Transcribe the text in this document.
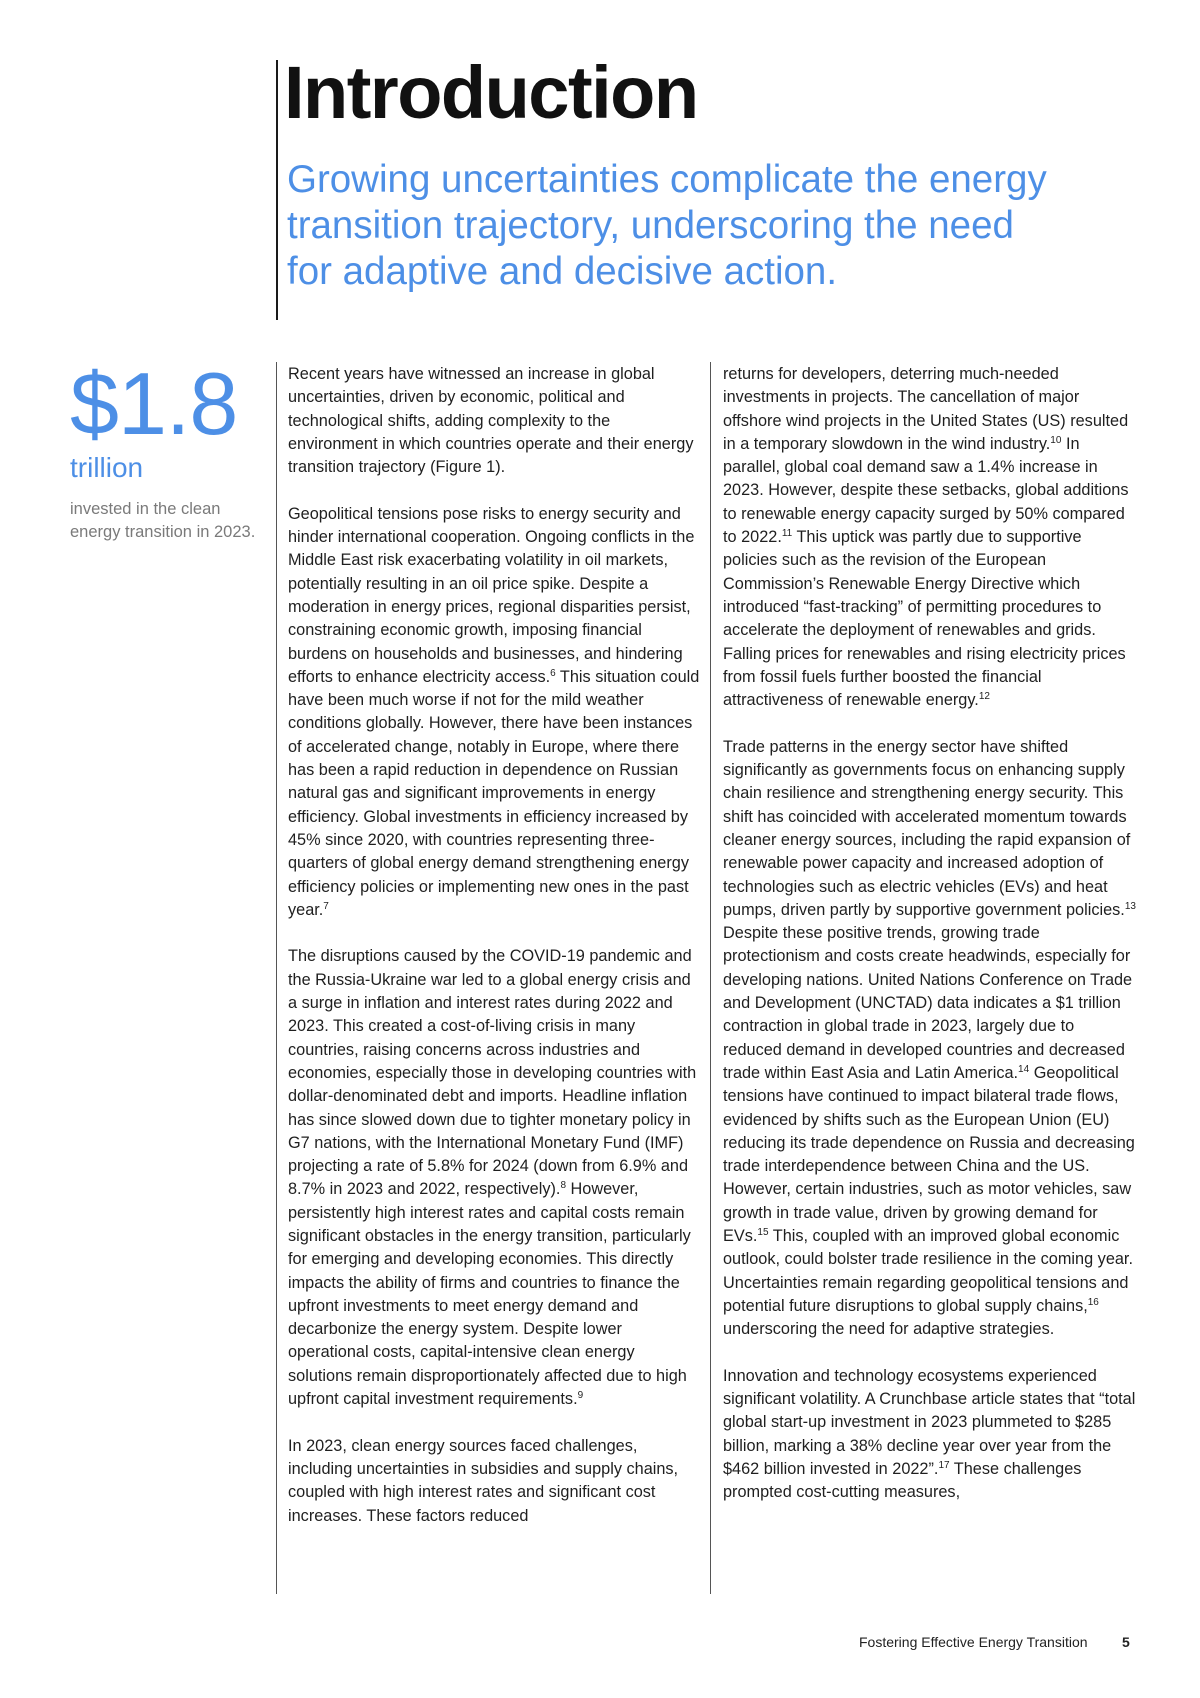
Introduction
Growing uncertainties complicate the energy transition trajectory, underscoring the need for adaptive and decisive action.

$1.8

trillion

invested in the clean energy transition in 2023.

Recent years have witnessed an increase in global uncertainties, driven by economic, political and technological shifts, adding complexity to the environment in which countries operate and their energy transition trajectory (Figure 1).

Geopolitical tensions pose risks to energy security and hinder international cooperation. Ongoing conflicts in the Middle East risk exacerbating volatility in oil markets, potentially resulting in an oil price spike. Despite a moderation in energy prices, regional disparities persist, constraining economic growth, imposing financial burdens on households and businesses, and hindering efforts to enhance electricity access.$^6$ This situation could have been much worse if not for the mild weather conditions globally. However, there have been instances of accelerated change, notably in Europe, where there has been a rapid reduction in dependence on Russian natural gas and significant improvements in energy efficiency. Global investments in efficiency increased by 45% since 2020, with countries representing three-quarters of global energy demand strengthening energy efficiency policies or implementing new ones in the past year.$^7$

The disruptions caused by the COVID-19 pandemic and the Russia-Ukraine war led to a global energy crisis and a surge in inflation and interest rates during 2022 and 2023. This created a cost-of-living crisis in many countries, raising concerns across industries and economies, especially those in developing countries with dollar-denominated debt and imports. Headline inflation has since slowed down due to tighter monetary policy in G7 nations, with the International Monetary Fund (IMF) projecting a rate of 5.8% for 2024 (down from 6.9% and 8.7% in 2023 and 2022, respectively).$^8$ However, persistently high interest rates and capital costs remain significant obstacles in the energy transition, particularly for emerging and developing economies. This directly impacts the ability of firms and countries to finance the upfront investments to meet energy demand and decarbonize the energy system. Despite lower operational costs, capital-intensive clean energy solutions remain disproportionately affected due to high upfront capital investment requirements.$^9$

In 2023, clean energy sources faced challenges, including uncertainties in subsidies and supply chains, coupled with high interest rates and significant cost increases. These factors reduced

returns for developers, deterring much-needed investments in projects. The cancellation of major offshore wind projects in the United States (US) resulted in a temporary slowdown in the wind industry.$^{10}$ In parallel, global coal demand saw a 1.4% increase in 2023. However, despite these setbacks, global additions to renewable energy capacity surged by 50% compared to 2022.11 This uptick was partly due to supportive policies such as the revision of the European Commission’s Renewable Energy Directive which introduced “fast-tracking” of permitting procedures to accelerate the deployment of renewables and grids. Falling prices for renewables and rising electricity prices from fossil fuels further boosted the financial attractiveness of renewable energy.$^{12}$

Trade patterns in the energy sector have shifted significantly as governments focus on enhancing supply chain resilience and strengthening energy security. This shift has coincided with accelerated momentum towards cleaner energy sources, including the rapid expansion of renewable power capacity and increased adoption of technologies such as electric vehicles (EVs) and heat pumps, driven partly by supportive government policies.$^{13}$ Despite these positive trends, growing trade protectionism and costs create headwinds, especially for developing nations. United Nations Conference on Trade and Development (UNCTAD) data indicates a $1 trillion contraction in global trade in 2023, largely due to reduced demand in developed countries and decreased trade within East Asia and Latin America.$^{14}$ Geopolitical tensions have continued to impact bilateral trade flows, evidenced by shifts such as the European Union (EU) reducing its trade dependence on Russia and decreasing trade interdependence between China and the US. However, certain industries, such as motor vehicles, saw growth in trade value, driven by growing demand for EVs.$^{15}$ This, coupled with an improved global economic outlook, could bolster trade resilience in the coming year. Uncertainties remain regarding geopolitical tensions and potential future disruptions to global supply chains,$^{16}$ underscoring the need for adaptive strategies.

Innovation and technology ecosystems experienced significant volatility. A Crunchbase article states that “total global start-up investment in 2023 plummeted to $285 billion, marking a 38% decline year over year from the $462 billion invested in 2022”.$^{17}$ These challenges prompted cost-cutting measures,

Fostering Effective Energy Transition 5
